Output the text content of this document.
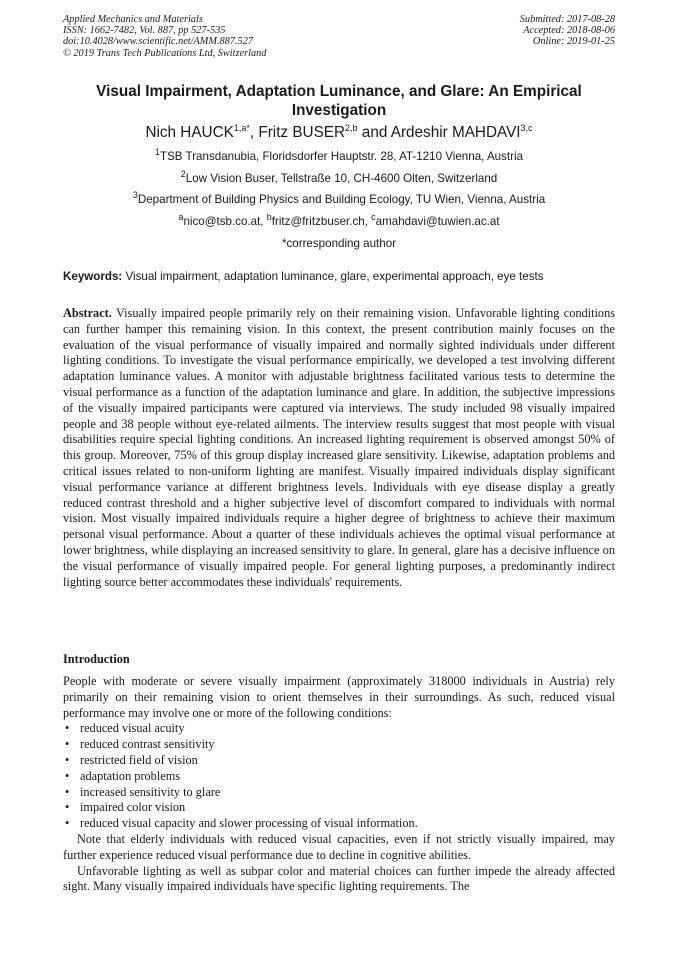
Applied Mechanics and Materials
ISSN: 1662-7482, Vol. 887, pp 527-535
doi:10.4028/www.scientific.net/AMM.887.527
© 2019 Trans Tech Publications Ltd, Switzerland
Submitted: 2017-08-28
Accepted: 2018-08-06
Online: 2019-01-25
Visual Impairment, Adaptation Luminance, and Glare: An Empirical Investigation
Nich $HAUCK^{1,a*}$, Fritz BUSER$^{2,b}$ and Ardeshir MAHDAVI$^{3,c}$
$^1$TSB Transdanubia, Floridsdorfer Hauptstr. 28, AT-1210 Vienna, Austria
$^2$Low Vision Buser, Tellstraße 10, CH-4600 Olten, Switzerland
$^3$Department of Building Physics and Building Ecology, TU Wien, Vienna, Austria
$^a$nico@tsb.co.at, $^b$fritz@fritzbuser.ch, $^c$amahdavi@tuwien.ac.at
*corresponding author
Keywords: Visual impairment, adaptation luminance, glare, experimental approach, eye tests
Abstract. Visually impaired people primarily rely on their remaining vision. Unfavorable lighting conditions can further hamper this remaining vision. In this context, the present contribution mainly focuses on the evaluation of the visual performance of visually impaired and normally sighted individuals under different lighting conditions. To investigate the visual performance empirically, we developed a test involving different adaptation luminance values. A monitor with adjustable brightness facilitated various tests to determine the visual performance as a function of the adaptation luminance and glare. In addition, the subjective impressions of the visually impaired participants were captured via interviews. The study included 98 visually impaired people and 38 people without eye-related ailments. The interview results suggest that most people with visual disabilities require special lighting conditions. An increased lighting requirement is observed amongst 50% of this group. Moreover, 75% of this group display increased glare sensitivity. Likewise, adaptation problems and critical issues related to non-uniform lighting are manifest. Visually impaired individuals display significant visual performance variance at different brightness levels. Individuals with eye disease display a greatly reduced contrast threshold and a higher subjective level of discomfort compared to individuals with normal vision. Most visually impaired individuals require a higher degree of brightness to achieve their maximum personal visual performance. About a quarter of these individuals achieves the optimal visual performance at lower brightness, while displaying an increased sensitivity to glare. In general, glare has a decisive influence on the visual performance of visually impaired people. For general lighting purposes, a predominantly indirect lighting source better accommodates these individuals' requirements.
Introduction
People with moderate or severe visually impairment (approximately 318000 individuals in Austria) rely primarily on their remaining vision to orient themselves in their surroundings. As such, reduced visual performance may involve one or more of the following conditions:
• reduced visual acuity
• reduced contrast sensitivity
• restricted field of vision
• adaptation problems
• increased sensitivity to glare
• impaired color vision
• reduced visual capacity and slower processing of visual information.
Note that elderly individuals with reduced visual capacities, even if not strictly visually impaired, may further experience reduced visual performance due to decline in cognitive abilities.
Unfavorable lighting as well as subpar color and material choices can further impede the already affected sight. Many visually impaired individuals have specific lighting requirements. The
